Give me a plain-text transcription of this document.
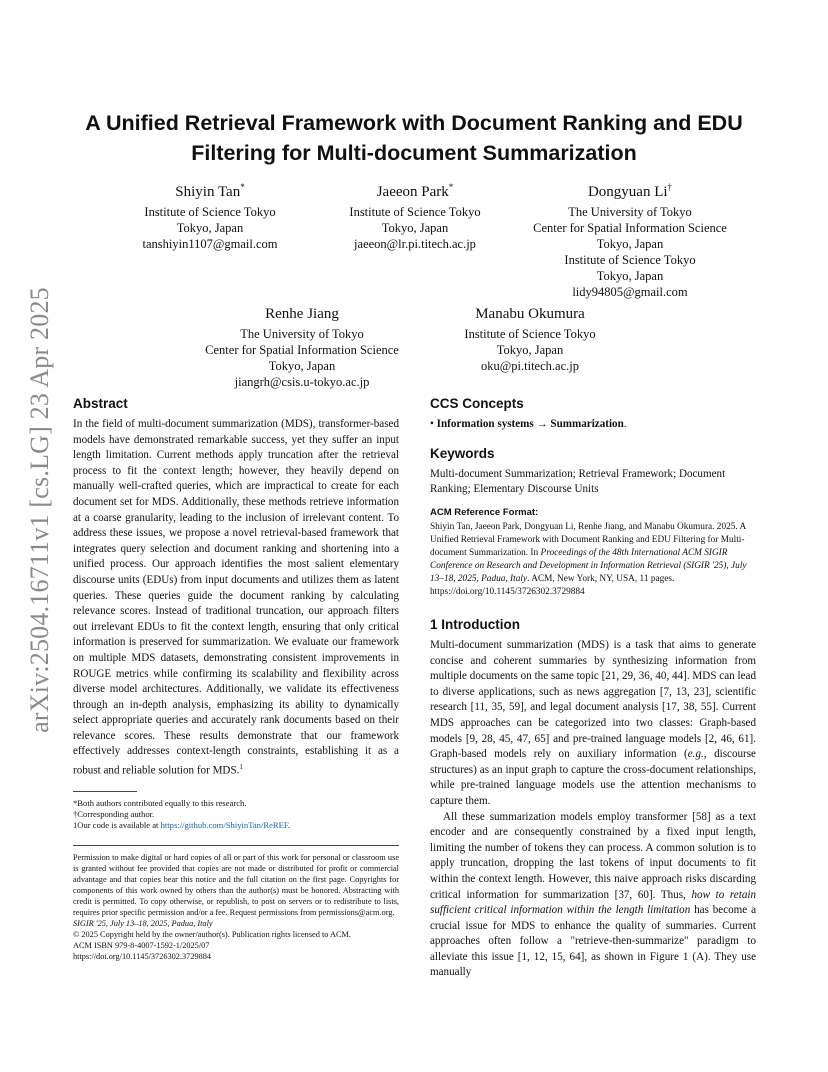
arXiv:2504.16711v1 [cs.LG] 23 Apr 2025
A Unified Retrieval Framework with Document Ranking and EDU
Filtering for Multi-document Summarization
Shiyin Tan*
Institute of Science Tokyo
Tokyo, Japan
tanshiyin1107@gmail.com
Jaeeon Park*
Institute of Science Tokyo
Tokyo, Japan
jaeeon@lr.pi.titech.ac.jp
Dongyuan Li†
The University of Tokyo
Center for Spatial Information Science
Tokyo, Japan
Institute of Science Tokyo
Tokyo, Japan
lidy94805@gmail.com
Renhe Jiang
The University of Tokyo
Center for Spatial Information Science
Tokyo, Japan
jiangrh@csis.u-tokyo.ac.jp
Manabu Okumura
Institute of Science Tokyo
Tokyo, Japan
oku@pi.titech.ac.jp
Abstract

In the field of multi-document summarization (MDS), transformer-based models have demonstrated remarkable success, yet they suffer an input length limitation. Current methods apply truncation after the retrieval process to fit the context length; however, they heavily depend on manually well-crafted queries, which are impractical to create for each document set for MDS. Additionally, these methods retrieve information at a coarse granularity, leading to the inclusion of irrelevant content. To address these issues, we propose a novel retrieval-based framework that integrates query selection and document ranking and shortening into a unified process. Our approach identifies the most salient elementary discourse units (EDUs) from input documents and utilizes them as latent queries. These queries guide the document ranking by calculating relevance scores. Instead of traditional truncation, our approach filters out irrelevant EDUs to fit the context length, ensuring that only critical information is preserved for summarization. We evaluate our framework on multiple MDS datasets, demonstrating consistent improvements in ROUGE metrics while confirming its scalability and flexibility across diverse model architectures. Additionally, we validate its effectiveness through an in-depth analysis, emphasizing its ability to dynamically select appropriate queries and accurately rank documents based on their relevance scores. These results demonstrate that our framework effectively addresses context-length constraints, establishing it as a robust and reliable solution for MDS.$^1$

*Both authors contributed equally to this research.
†Corresponding author.
1Our code is available at https://github.com/ShiyinTan/ReREF.
Permission to make digital or hard copies of all or part of this work for personal or classroom use is granted without fee provided that copies are not made or distributed for profit or commercial advantage and that copies bear this notice and the full citation on the first page. Copyrights for components of this work owned by others than the author(s) must be honored. Abstracting with credit is permitted. To copy otherwise, or republish, to post on servers or to redistribute to lists, requires prior specific permission and/or a fee. Request permissions from permissions@acm.org.
SIGIR '25, July 13–18, 2025, Padua, Italy
© 2025 Copyright held by the owner/author(s). Publication rights licensed to ACM.
ACM ISBN 979-8-4007-1592-1/2025/07
https://doi.org/10.1145/3726302.3729884
CCS Concepts
• Information systems → Summarization.
Keywords
Multi-document Summarization; Retrieval Framework; Document Ranking; Elementary Discourse Units
ACM Reference Format:
Shiyin Tan, Jaeeon Park, Dongyuan Li, Renhe Jiang, and Manabu Okumura. 2025. A Unified Retrieval Framework with Document Ranking and EDU Filtering for Multi-document Summarization. In Proceedings of the 48th International ACM SIGIR Conference on Research and Development in Information Retrieval (SIGIR '25), July 13–18, 2025, Padua, Italy. ACM, New York, NY, USA, 11 pages. https://doi.org/10.1145/3726302.3729884
1 Introduction

Multi-document summarization (MDS) is a task that aims to generate concise and coherent summaries by synthesizing information from multiple documents on the same topic [21, 29, 36, 40, 44]. MDS can lead to diverse applications, such as news aggregation [7, 13, 23], scientific research [11, 35, 59], and legal document analysis [17, 38, 55]. Current MDS approaches can be categorized into two classes: Graph-based models [9, 28, 45, 47, 65] and pre-trained language models [2, 46, 61]. Graph-based models rely on auxiliary information (e.g., discourse structures) as an input graph to capture the cross-document relationships, while pre-trained language models use the attention mechanisms to capture them.

All these summarization models employ transformer [58] as a text encoder and are consequently constrained by a fixed input length, limiting the number of tokens they can process. A common solution is to apply truncation, dropping the last tokens of input documents to fit within the context length. However, this naive approach risks discarding critical information for summarization [37, 60]. Thus, how to retain sufficient critical information within the length limitation has become a crucial issue for MDS to enhance the quality of summaries. Current approaches often follow a "retrieve-then-summarize" paradigm to alleviate this issue [1, 12, 15, 64], as shown in Figure 1 (A). They use manually
